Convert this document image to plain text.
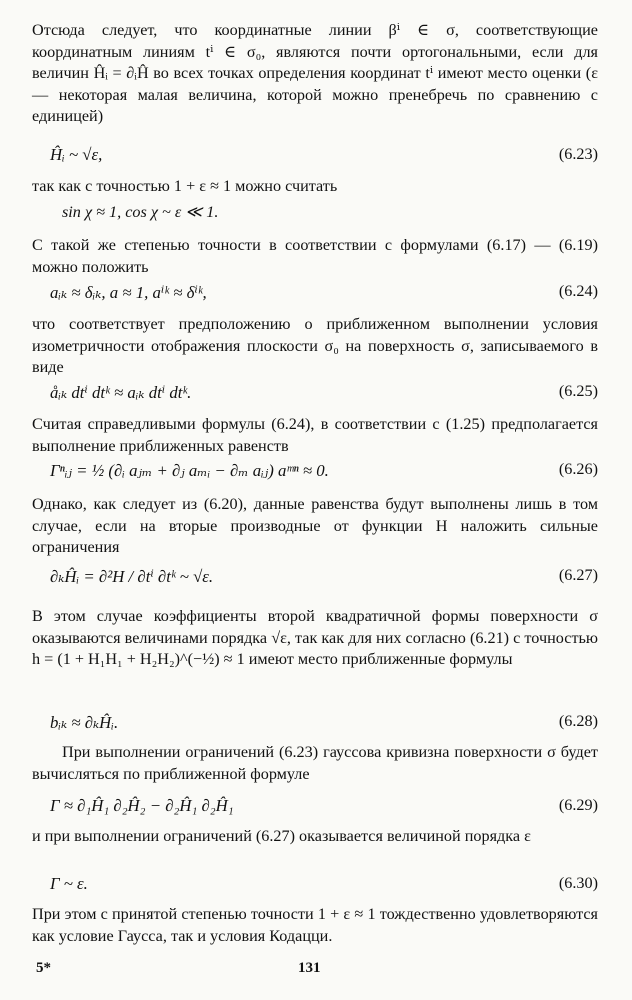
Отсюда следует, что координатные линии βⁱ ∈ σ, соответствующие координатным линиям tⁱ ∈ σ₀, являются почти ортогональными, если для величин Ĥᵢ = ∂ᵢĤ во всех точках определения координат tⁱ имеют место оценки (ε — некоторая малая величина, которой можно пренебречь по сравнению с единицей)
Ĥᵢ ~ √ε,	(6.23)
так как с точностью 1 + ε ≈ 1 можно считать
sin χ ≈ 1, cos χ ~ ε ≪ 1.
С такой же степенью точности в соответствии с формулами (6.17) — (6.19) можно положить
aᵢₖ ≈ δᵢₖ, a ≈ 1, aⁱᵏ ≈ δⁱᵏ,	(6.24)
что соответствует предположению о приближенном выполнении условия изометричности отображения плоскости σ₀ на поверхность σ, записываемого в виде
åᵢₖ dtⁱ dtᵏ ≈ aᵢₖ dtⁱ dtᵏ.	(6.25)
Считая справедливыми формулы (6.24), в соответствии с (1.25) предполагается выполнение приближенных равенств
Γⁿᵢⱼ = ½ (∂ᵢ aⱼₘ + ∂ⱼ aₘᵢ − ∂ₘ aᵢⱼ) aᵐⁿ ≈ 0.	(6.26)
Однако, как следует из (6.20), данные равенства будут выполнены лишь в том случае, если на вторые производные от функции H наложить сильные ограничения
∂ₖĤᵢ = ∂²H / ∂tⁱ ∂tᵏ ~ √ε.	(6.27)
В этом случае коэффициенты второй квадратичной формы поверхности σ оказываются величинами порядка √ε, так как для них согласно (6.21) с точностью h = (1 + H₁H₁ + H₂H₂)^(−½) ≈ 1 имеют место приближенные формулы
bᵢₖ ≈ ∂ₖĤᵢ.	(6.28)
При выполнении ограничений (6.23) гауссова кривизна поверхности σ будет вычисляться по приближенной формуле
Γ ≈ ∂₁Ĥ₁ ∂₂Ĥ₂ − ∂₂Ĥ₁ ∂₂Ĥ₁	(6.29)
и при выполнении ограничений (6.27) оказывается величиной порядка ε
Γ ~ ε.	(6.30)
При этом с принятой степенью точности 1 + ε ≈ 1 тождественно удовлетворяются как условие Гаусса, так и условия Кодацци.
5*	131
